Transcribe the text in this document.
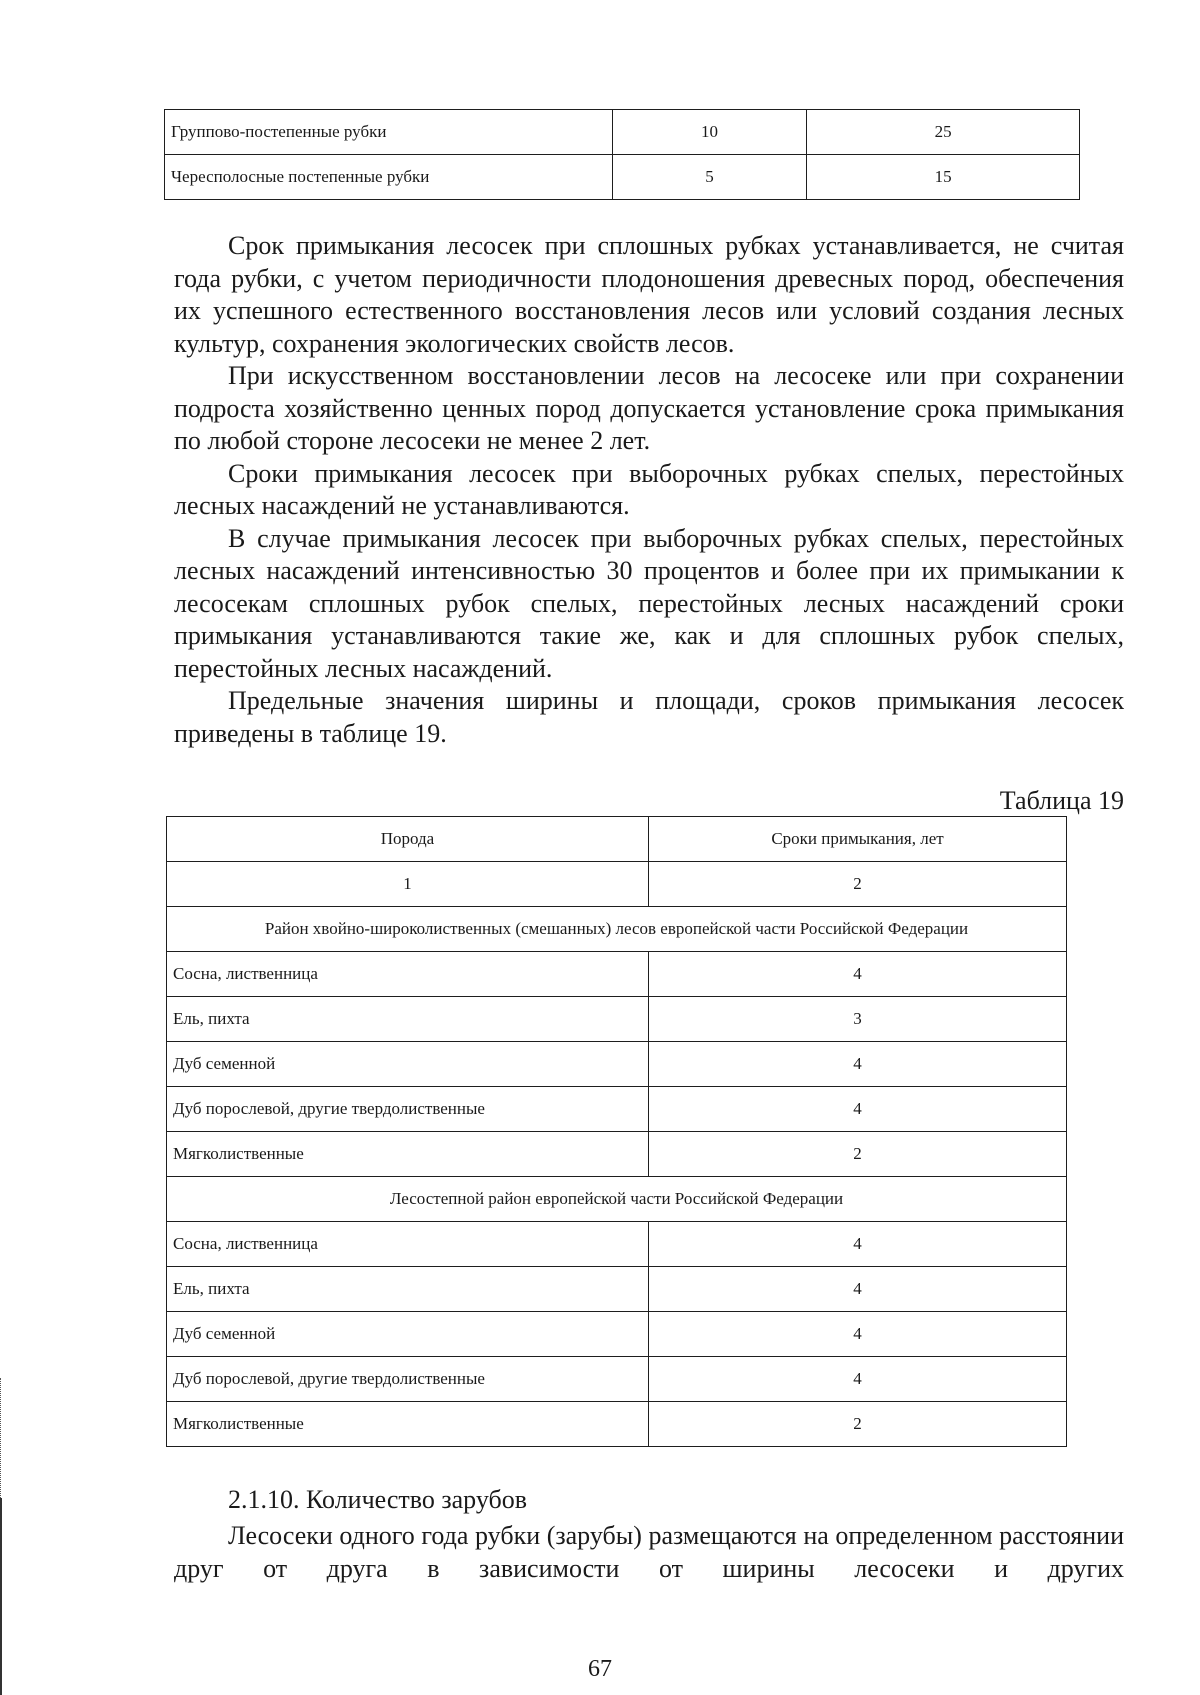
Группово-постепенные рубки	10	25
Чересполосные постепенные рубки	5	15

Срок примыкания лесосек при сплошных рубках устанавливается, не считая года рубки, с учетом периодичности плодоношения древесных пород, обеспечения их успешного естественного восстановления лесов или условий создания лесных культур, сохранения экологических свойств лесов.

При искусственном восстановлении лесов на лесосеке или при сохранении подроста хозяйственно ценных пород допускается установление срока примыкания по любой стороне лесосеки не менее 2 лет.

Сроки примыкания лесосек при выборочных рубках спелых, перестойных лесных насаждений не устанавливаются.

В случае примыкания лесосек при выборочных рубках спелых, перестойных лесных насаждений интенсивностью 30 процентов и более при их примыкании к лесосекам сплошных рубок спелых, перестойных лесных насаждений сроки примыкания устанавливаются такие же, как и для сплошных рубок спелых, перестойных лесных насаждений.

Предельные значения ширины и площади, сроков примыкания лесосек приведены в таблице 19.

Таблица 19
Порода	Сроки примыкания, лет
1	2
Район хвойно-широколиственных (смешанных) лесов европейской части Российской Федерации	
Сосна, лиственница	4
Ель, пихта	3
Дуб семенной	4
Дуб порослевой, другие твердолиственные	4
Мягколиственные	2
Лесостепной район европейской части Российской Федерации	
Сосна, лиственница	4
Ель, пихта	4
Дуб семенной	4
Дуб порослевой, другие твердолиственные	4
Мягколиственные	2
2.1.10. Количество зарубов

Лесосеки одного года рубки (зарубы) размещаются на определенном расстоянии друг от друга в зависимости от ширины лесосеки и других

67
